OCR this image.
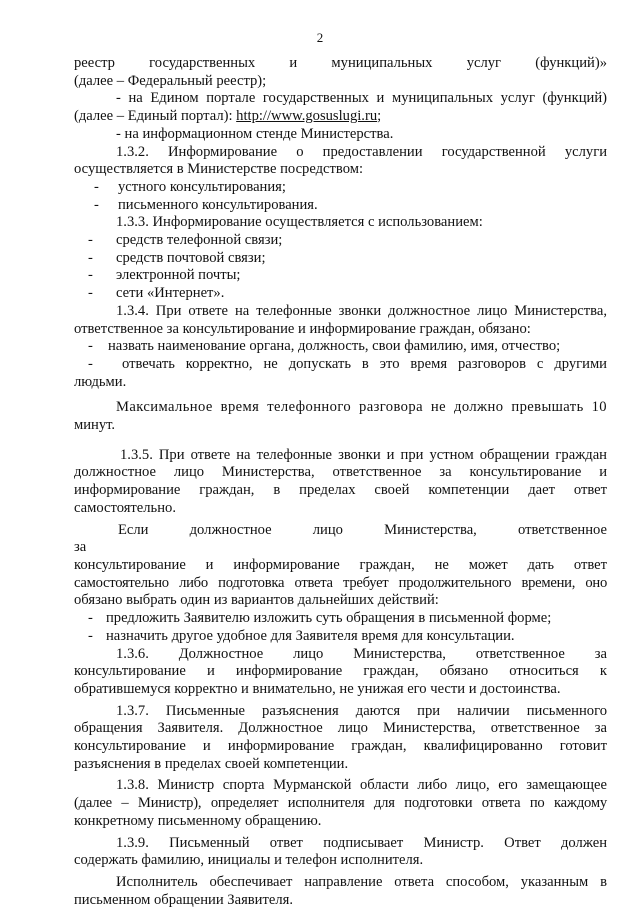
2

реестр государственных и муниципальных услуг (функций)»

(далее – Федеральный реестр);

- на Едином портале государственных и муниципальных услуг (функций)

(далее – Единый портал): http://www.gosuslugi.ru;

- на информационном стенде Министерства.

1.3.2. Информирование о предоставлении государственной услуги

осуществляется в Министерстве посредством:

-	устного консультирования;
-	письменного консультирования.

1.3.3. Информирование осуществляется с использованием:

-	средств телефонной связи;
-	средств почтовой связи;
-	электронной почты;
-	сети «Интернет».

1.3.4. При ответе на телефонные звонки должностное лицо Министерства,

ответственное за консультирование и информирование граждан, обязано:

-	назвать наименование органа, должность, свои фамилию, имя, отчество;
-	отвечать корректно, не допускать в это время разговоров с другими

людьми.

Максимальное время телефонного разговора не должно превышать 10

минут.

1.3.5. При ответе на телефонные звонки и при устном обращении граждан

должностное лицо Министерства, ответственное за консультирование и

информирование граждан, в пределах своей компетенции дает ответ

самостоятельно.

Если должностное лицо Министерства, ответственное за

консультирование и информирование граждан, не может дать ответ

самостоятельно либо подготовка ответа требует продолжительного времени, оно

обязано выбрать один из вариантов дальнейших действий:

- предложить Заявителю изложить суть обращения в письменной форме;
- назначить другое удобное для Заявителя время для консультации.

1.3.6. Должностное лицо Министерства, ответственное за

консультирование и информирование граждан, обязано относиться к

обратившемуся корректно и внимательно, не унижая его чести и достоинства.

1.3.7. Письменные разъяснения даются при наличии письменного

обращения Заявителя. Должностное лицо Министерства, ответственное за

консультирование и информирование граждан, квалифицированно готовит

разъяснения в пределах своей компетенции.

1.3.8. Министр спорта Мурманской области либо лицо, его замещающее

(далее – Министр), определяет исполнителя для подготовки ответа по каждому

конкретному письменному обращению.

1.3.9. Письменный ответ подписывает Министр. Ответ должен

содержать фамилию, инициалы и телефон исполнителя.

Исполнитель обеспечивает направление ответа способом, указанным в

письменном обращении Заявителя.
